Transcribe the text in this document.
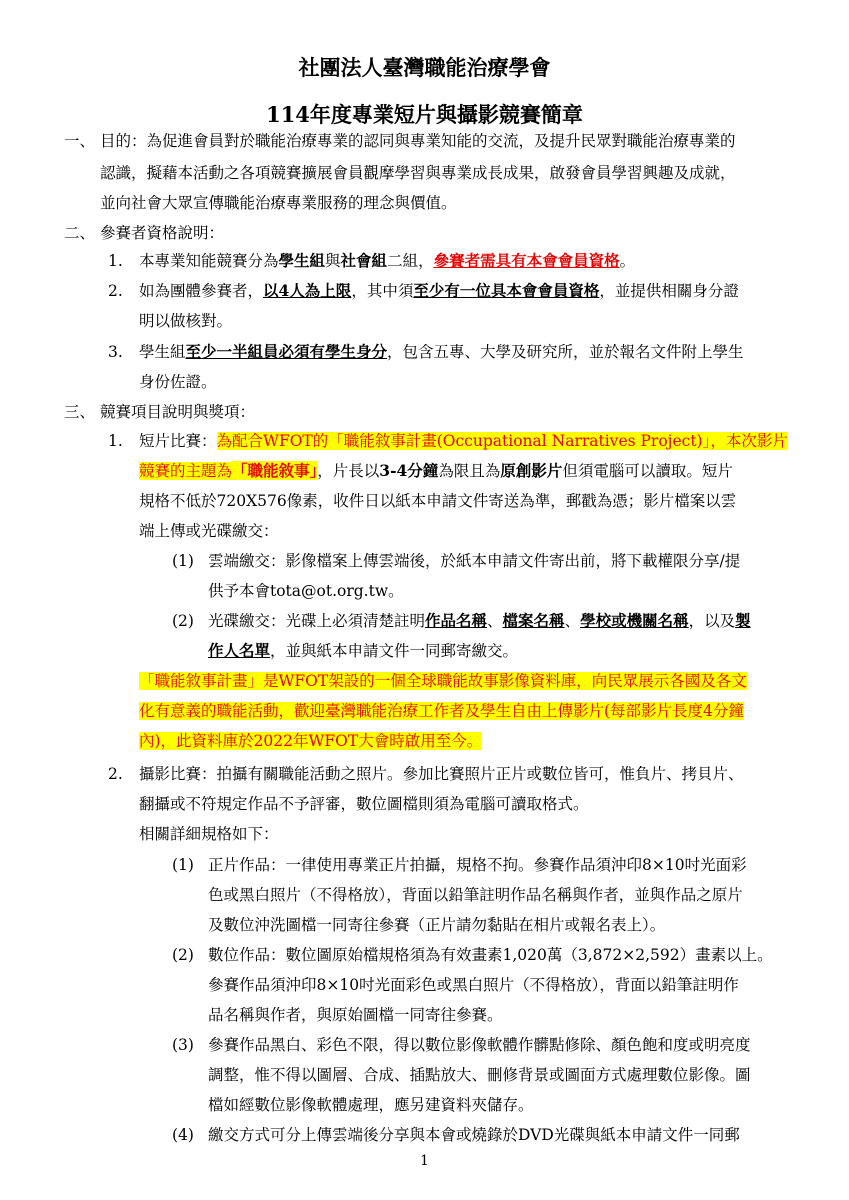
社團法人臺灣職能治療學會
114年度專業短片與攝影競賽簡章
一、 目的：為促進會員對於職能治療專業的認同與專業知能的交流，及提升民眾對職能治療專業的
認識，擬藉本活動之各項競賽擴展會員觀摩學習與專業成長成果，啟發會員學習興趣及成就，
並向社會大眾宣傳職能治療專業服務的理念與價值。
二、 參賽者資格說明：
1. 本專業知能競賽分為學生組與社會組二組，參賽者需具有本會會員資格。
2. 如為團體參賽者，以4人為上限，其中須至少有一位具本會會員資格，並提供相關身分證
明以做核對。
3. 學生組至少一半組員必須有學生身分，包含五專、大學及研究所，並於報名文件附上學生
身份佐證。
三、 競賽項目說明與獎項：
1. 短片比賽：為配合WFOT的「職能敘事計畫(Occupational Narratives Project)」，本次影片
競賽的主題為「職能敘事」，片長以3-4分鐘為限且為原創影片但須電腦可以讀取。短片
規格不低於720X576像素，收件日以紙本申請文件寄送為準，郵戳為憑；影片檔案以雲
端上傳或光碟繳交：
(1) 雲端繳交：影像檔案上傳雲端後，於紙本申請文件寄出前，將下載權限分享/提
供予本會tota@ot.org.tw。
(2) 光碟繳交：光碟上必須清楚註明作品名稱、檔案名稱、學校或機關名稱，以及製
作人名單，並與紙本申請文件一同郵寄繳交。
「職能敘事計畫」是WFOT架設的一個全球職能故事影像資料庫，向民眾展示各國及各文
化有意義的職能活動，歡迎臺灣職能治療工作者及學生自由上傳影片(每部影片長度4分鐘
內)，此資料庫於2022年WFOT大會時啟用至今。
2. 攝影比賽：拍攝有關職能活動之照片。參加比賽照片正片或數位皆可，惟負片、拷貝片、
翻攝或不符規定作品不予評審，數位圖檔則須為電腦可讀取格式。
相關詳細規格如下：
(1) 正片作品：一律使用專業正片拍攝，規格不拘。參賽作品須沖印8×10吋光面彩
色或黑白照片（不得格放），背面以鉛筆註明作品名稱與作者，並與作品之原片
及數位沖洗圖檔一同寄往參賽（正片請勿黏貼在相片或報名表上）。
(2) 數位作品：數位圖原始檔規格須為有效畫素1,020萬（3,872×2,592）畫素以上。
參賽作品須沖印8×10吋光面彩色或黑白照片（不得格放），背面以鉛筆註明作
品名稱與作者，與原始圖檔一同寄往參賽。
(3) 參賽作品黑白、彩色不限，得以數位影像軟體作髒點修除、顏色飽和度或明亮度
調整，惟不得以圖層、合成、插點放大、刪修背景或圖面方式處理數位影像。圖
檔如經數位影像軟體處理，應另建資料夾儲存。
(4) 繳交方式可分上傳雲端後分享與本會或燒錄於DVD光碟與紙本申請文件一同郵
1
